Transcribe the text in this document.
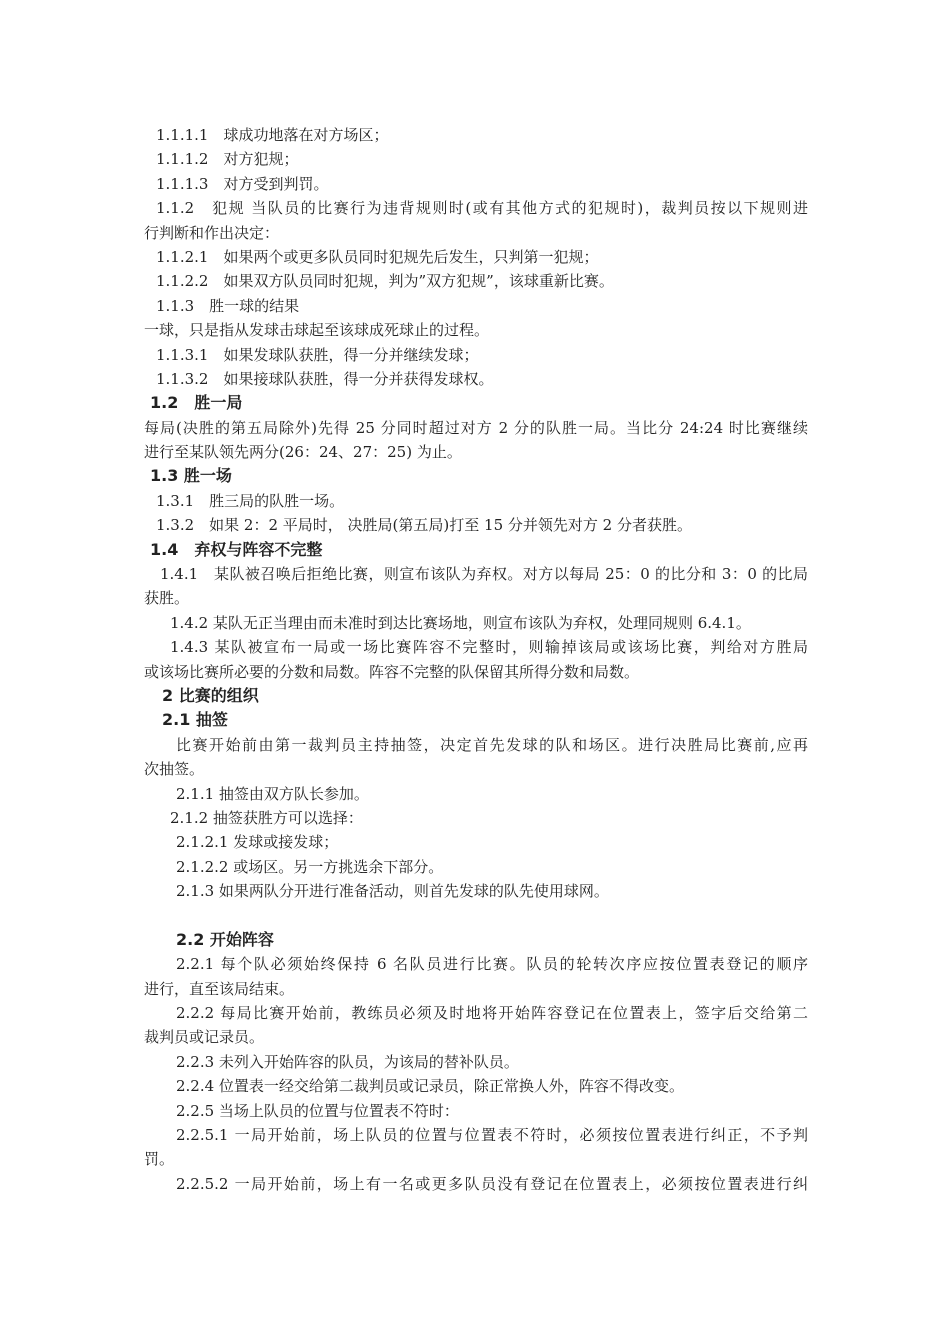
1.1.1.1　球成功地落在对方场区；
1.1.1.2　对方犯规；
1.1.1.3　对方受到判罚。
1.1.2　犯规 当队员的比赛行为违背规则时(或有其他方式的犯规时)，裁判员按以下规则进
行判断和作出决定：
1.1.2.1　如果两个或更多队员同时犯规先后发生，只判第一犯规；
1.1.2.2　如果双方队员同时犯规，判为”双方犯规”，该球重新比赛。
1.1.3　胜一球的结果
一球，只是指从发球击球起至该球成死球止的过程。
1.1.3.1　如果发球队获胜，得一分并继续发球；
1.1.3.2　如果接球队获胜，得一分并获得发球权。
1.2　胜一局
每局(决胜的第五局除外)先得 25 分同时超过对方 2 分的队胜一局。当比分 24:24 时比赛继续
进行至某队领先两分(26：24、27：25) 为止。
1.3 胜一场
1.3.1　胜三局的队胜一场。
1.3.2　如果 2：2 平局时， 决胜局(第五局)打至 15 分并领先对方 2 分者获胜。
1.4　弃权与阵容不完整
1.4.1　某队被召唤后拒绝比赛，则宣布该队为弃权。对方以每局 25：0 的比分和 3：0 的比局
获胜。
1.4.2 某队无正当理由而未准时到达比赛场地，则宣布该队为弃权，处理同规则 6.4.1。
1.4.3 某队被宣布一局或一场比赛阵容不完整时，则输掉该局或该场比赛，判给对方胜局
或该场比赛所必要的分数和局数。阵容不完整的队保留其所得分数和局数。
2 比赛的组织
2.1 抽签
比赛开始前由第一裁判员主持抽签，决定首先发球的队和场区。进行决胜局比赛前,应再
次抽签。
2.1.1 抽签由双方队长参加。
2.1.2 抽签获胜方可以选择：
2.1.2.1 发球或接发球；
2.1.2.2 或场区。另一方挑选余下部分。
2.1.3 如果两队分开进行准备活动，则首先发球的队先使用球网。
2.2 开始阵容
2.2.1 每个队必须始终保持 6 名队员进行比赛。队员的轮转次序应按位置表登记的顺序
进行，直至该局结束。
2.2.2 每局比赛开始前，教练员必须及时地将开始阵容登记在位置表上，签字后交给第二
裁判员或记录员。
2.2.3 未列入开始阵容的队员，为该局的替补队员。
2.2.4 位置表一经交给第二裁判员或记录员，除正常换人外，阵容不得改变。
2.2.5 当场上队员的位置与位置表不符时：
2.2.5.1 一局开始前，场上队员的位置与位置表不符时，必须按位置表进行纠正，不予判
罚。
2.2.5.2 一局开始前，场上有一名或更多队员没有登记在位置表上，必须按位置表进行纠
